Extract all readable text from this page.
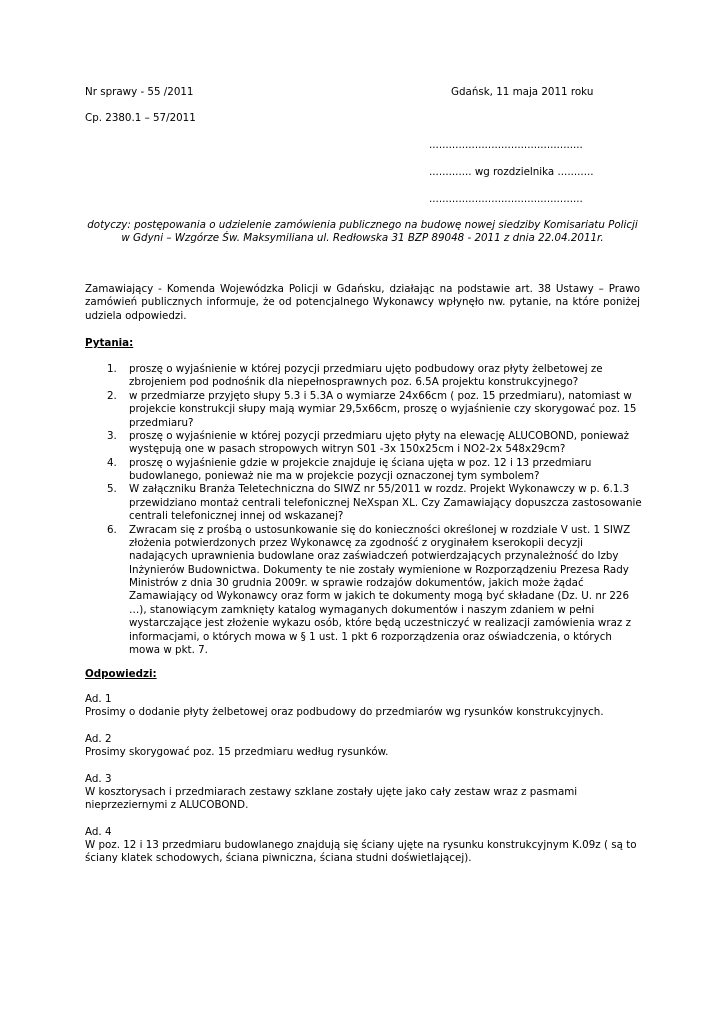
Nr sprawy - 55 /2011	Gdańsk, 11 maja 2011 roku
Cp. 2380.1 – 57/2011
...............................................
............. wg rozdzielnika ...........
...............................................
dotyczy: postępowania o udzielenie zamówienia publicznego na budowę nowej siedziby Komisariatu Policji w Gdyni – Wzgórze Św. Maksymiliana ul. Redłowska 31 BZP 89048 - 2011 z dnia 22.04.2011r.
Zamawiający - Komenda Wojewódzka Policji w Gdańsku, działając na podstawie art. 38 Ustawy – Prawo zamówień publicznych informuje, że od potencjalnego Wykonawcy wpłynęło nw. pytanie, na które poniżej udziela odpowiedzi.
Pytania:
1. proszę o wyjaśnienie w której pozycji przedmiaru ujęto podbudowy oraz płyty żelbetowej ze zbrojeniem pod podnośnik dla niepełnosprawnych poz. 6.5A projektu konstrukcyjnego?
2. w przedmiarze przyjęto słupy 5.3 i 5.3A o wymiarze 24x66cm ( poz. 15 przedmiaru), natomiast w projekcie konstrukcji słupy mają wymiar 29,5x66cm, proszę o wyjaśnienie czy skorygować poz. 15 przedmiaru?
3. proszę o wyjaśnienie w której pozycji przedmiaru ujęto płyty na elewację ALUCOBOND, ponieważ występują one w pasach stropowych witryn S01 -3x 150x25cm i NO2-2x 548x29cm?
4. proszę o wyjaśnienie gdzie w projekcie znajduje ię ściana ujęta w poz. 12 i 13 przedmiaru budowlanego, ponieważ nie ma w projekcie pozycji oznaczonej tym symbolem?
5. W załączniku Branża Teletechniczna do SIWZ nr 55/2011 w rozdz. Projekt Wykonawczy w p. 6.1.3 przewidziano montaż centrali telefonicznej NeXspan XL. Czy Zamawiający dopuszcza zastosowanie centrali telefonicznej innej od wskazanej?
6. Zwracam się z prośbą o ustosunkowanie się do konieczności określonej w rozdziale V ust. 1 SIWZ złożenia potwierdzonych przez Wykonawcę za zgodność z oryginałem kserokopii decyzji nadających uprawnienia budowlane oraz zaświadczeń potwierdzających przynależność do Izby Inżynierów Budownictwa. Dokumenty te nie zostały wymienione w Rozporządzeniu Prezesa Rady Ministrów z dnia 30 grudnia 2009r. w sprawie rodzajów dokumentów, jakich może żądać Zamawiający od Wykonawcy oraz form w jakich te dokumenty mogą być składane (Dz. U. nr 226 …), stanowiącym zamknięty katalog wymaganych dokumentów i naszym zdaniem w pełni wystarczające jest złożenie wykazu osób, które będą uczestniczyć w realizacji zamówienia wraz z informacjami, o których mowa w § 1 ust. 1 pkt 6 rozporządzenia oraz oświadczenia, o których mowa w pkt. 7.
Odpowiedzi:
Ad. 1
Prosimy o dodanie płyty żelbetowej oraz podbudowy do przedmiarów wg rysunków konstrukcyjnych.
Ad. 2
Prosimy skorygować poz. 15 przedmiaru według rysunków.
Ad. 3
W kosztorysach i przedmiarach zestawy szklane zostały ujęte jako cały zestaw wraz z pasmami nieprzeziernymi z ALUCOBOND.
Ad. 4
W poz. 12 i 13 przedmiaru budowlanego znajdują się ściany ujęte na rysunku konstrukcyjnym K.09z ( są to ściany klatek schodowych, ściana piwniczna, ściana studni doświetlającej).
